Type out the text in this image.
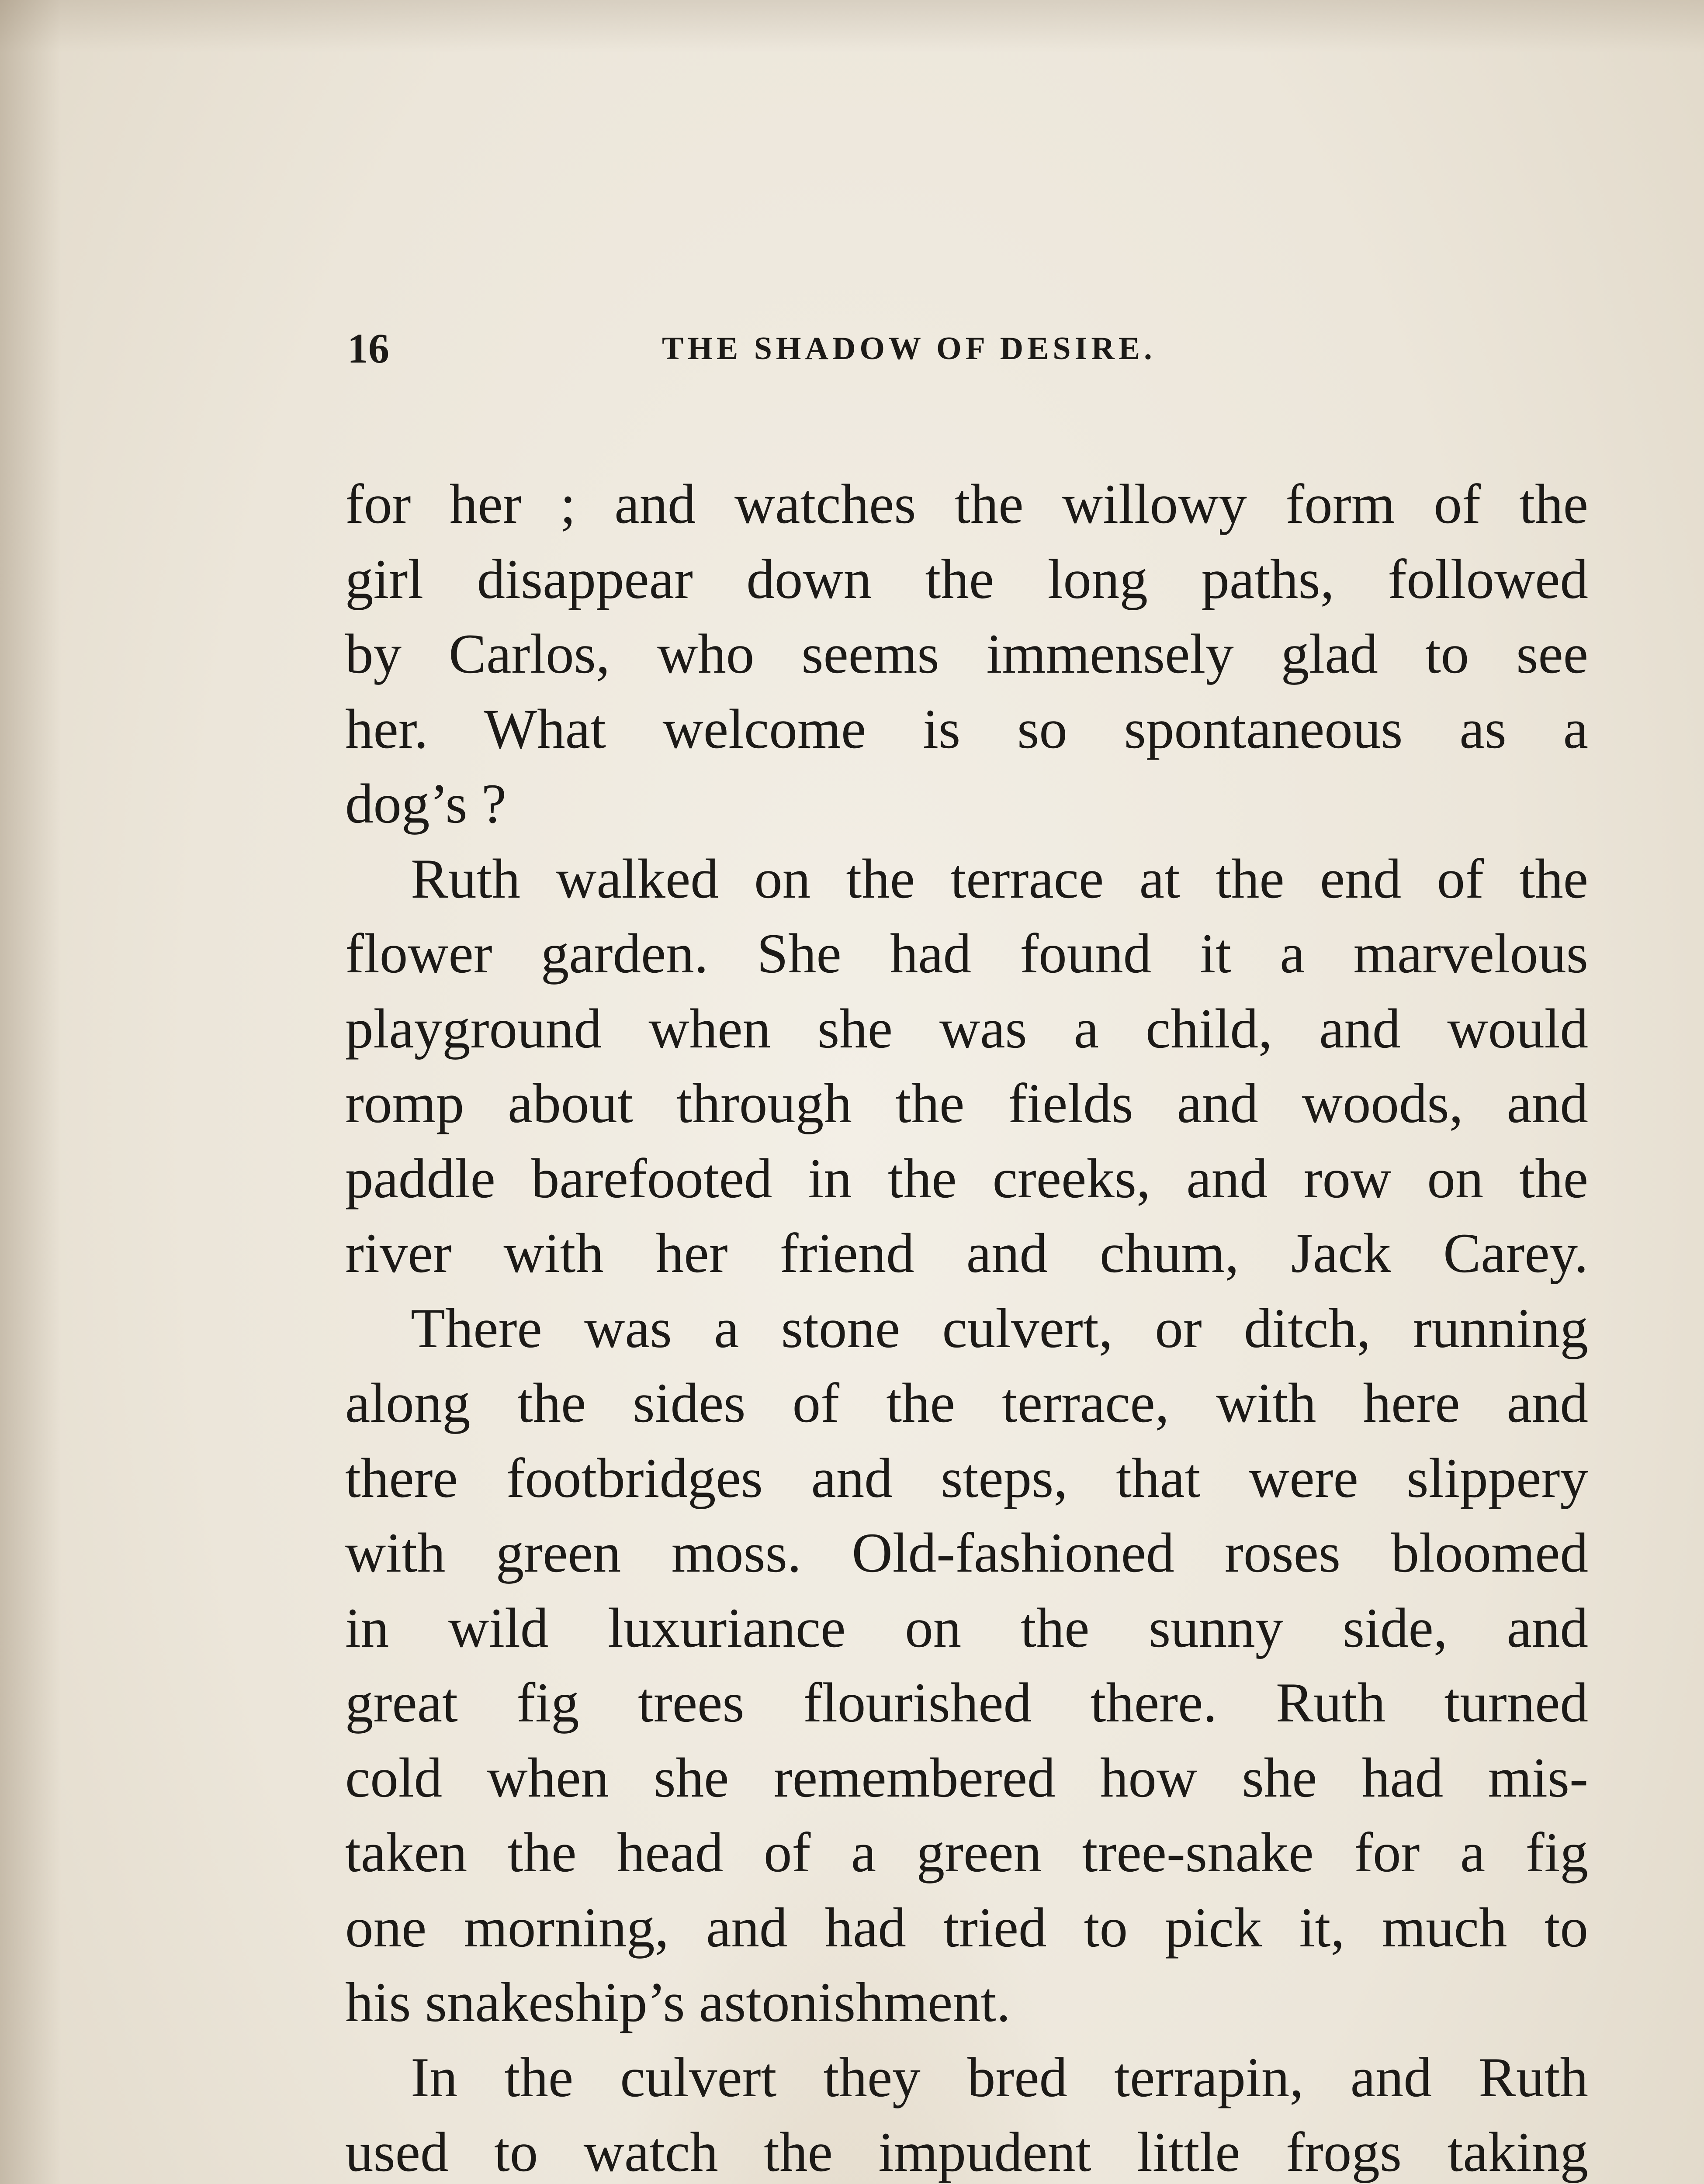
16	THE SHADOW OF DESIRE.
for her ; and watches the willowy form of the
girl disappear down the long paths, followed
by Carlos, who seems immensely glad to see
her. What welcome is so spontaneous as a
dog’s ?
Ruth walked on the terrace at the end of the
flower garden. She had found it a marvelous
playground when she was a child, and would
romp about through the fields and woods, and
paddle barefooted in the creeks, and row on the
river with her friend and chum, Jack Carey.
There was a stone culvert, or ditch, running
along the sides of the terrace, with here and
there footbridges and steps, that were slippery
with green moss. Old-fashioned roses bloomed
in wild luxuriance on the sunny side, and
great fig trees flourished there. Ruth turned
cold when she remembered how she had mis-
taken the head of a green tree-snake for a fig
one morning, and had tried to pick it, much to
his snakeship’s astonishment.
In the culvert they bred terrapin, and Ruth
used to watch the impudent little frogs taking
